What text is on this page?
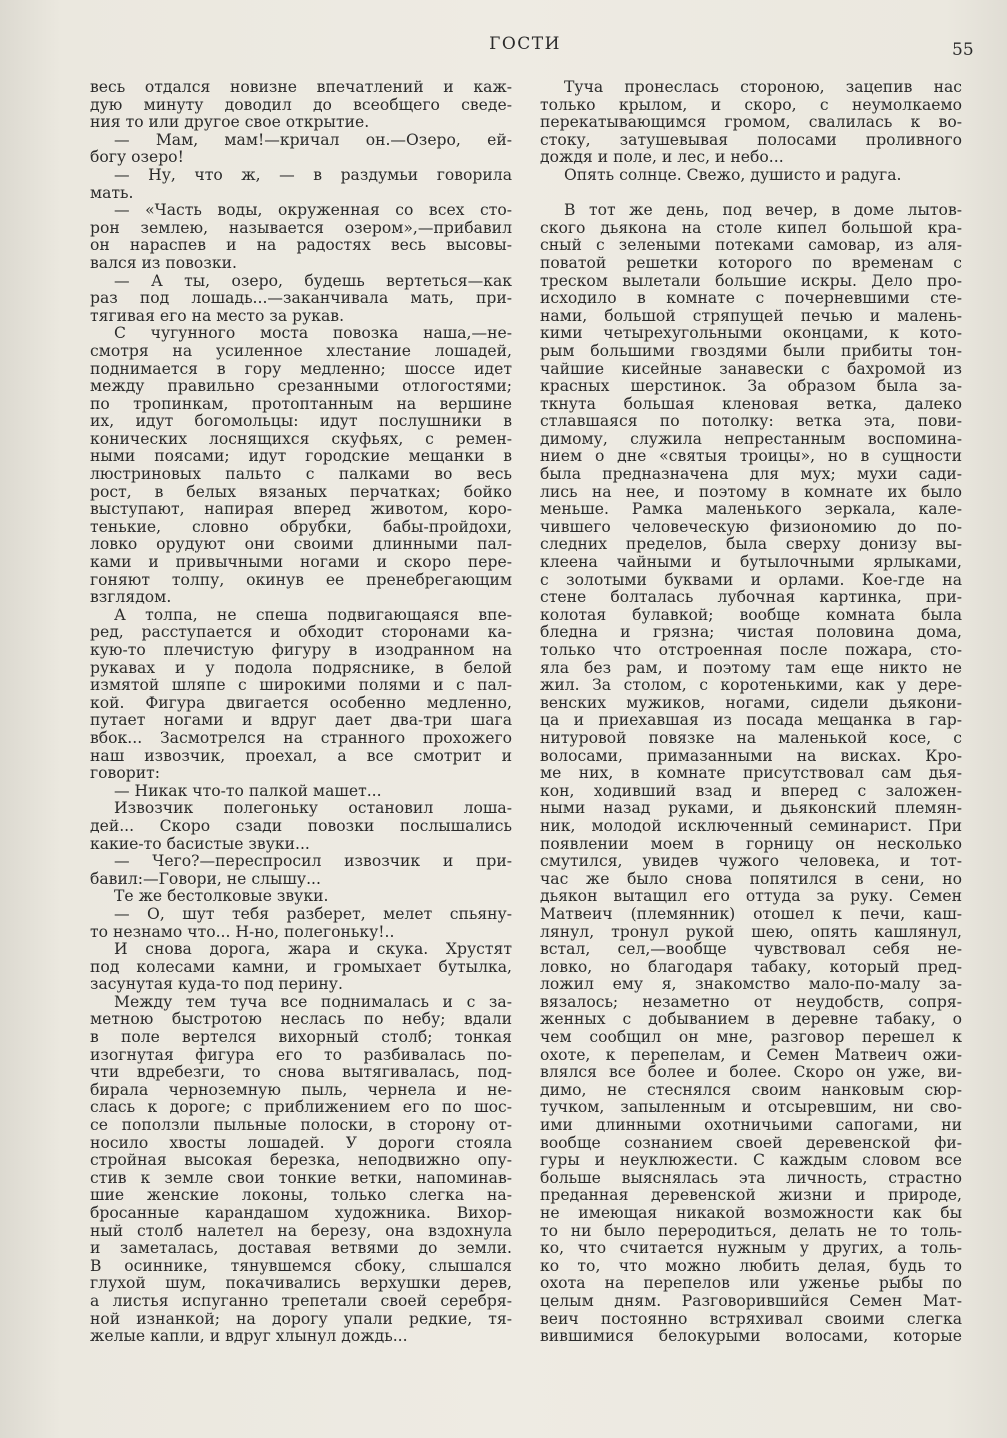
ГОСТИ	55
весь отдался новизне впечатлений и каж-
дую минуту доводил до всеобщего сведе-
ния то или другое свое открытие.
— Мам, мам!—кричал он.—Озеро, ей-
богу озеро!
— Ну, что ж, — в раздумьи говорила
мать.
— «Часть воды, окруженная со всех сто-
рон землею, называется озером»,—прибавил
он нараспев и на радостях весь высовы-
вался из повозки.
— А ты, озеро, будешь вертеться—как
раз под лошадь...—заканчивала мать, при-
тягивая его на место за рукав.
С чугунного моста повозка наша,—не-
смотря на усиленное хлестание лошадей,
поднимается в гору медленно; шоссе идет
между правильно срезанными отлогостями;
по тропинкам, протоптанным на вершине
их, идут богомольцы: идут послушники в
конических лоснящихся скуфьях, с ремен-
ными поясами; идут городские мещанки в
люстриновых пальто с палками во весь
рост, в белых вязаных перчатках; бойко
выступают, напирая вперед животом, коро-
тенькие, словно обрубки, бабы-пройдохи,
ловко орудуют они своими длинными пал-
ками и привычными ногами и скоро пере-
гоняют толпу, окинув ее пренебрегающим
взглядом.
А толпа, не спеша подвигающаяся впе-
ред, расступается и обходит сторонами ка-
кую-то плечистую фигуру в изодранном на
рукавах и у подола подряснике, в белой
измятой шляпе с широкими полями и с пал-
кой. Фигура двигается особенно медленно,
путает ногами и вдруг дает два-три шага
вбок... Засмотрелся на странного прохожего
наш извозчик, проехал, а все смотрит и
говорит:
— Никак что-то палкой машет...
Извозчик полегоньку остановил лоша-
дей... Скоро сзади повозки послышались
какие-то басистые звуки...
— Чего?—переспросил извозчик и при-
бавил:—Говори, не слышу...
Те же бестолковые звуки.
— О, шут тебя разберет, мелет спьяну-
то незнамо что... Н-но, полегоньку!..
И снова дорога, жара и скука. Хрустят
под колесами камни, и громыхает бутылка,
засунутая куда-то под перину.
Между тем туча все поднималась и с за-
метною быстротою неслась по небу; вдали
в поле вертелся вихорный столб; тонкая
изогнутая фигура его то разбивалась по-
чти вдребезги, то снова вытягивалась, под-
бирала черноземную пыль, чернела и не-
слась к дороге; с приближением его по шос-
се поползли пыльные полоски, в сторону от-
носило хвосты лошадей. У дороги стояла
стройная высокая березка, неподвижно опу-
стив к земле свои тонкие ветки, напоминав-
шие женские локоны, только слегка на-
бросанные карандашом художника. Вихор-
ный столб налетел на березу, она вздохнула
и заметалась, доставая ветвями до земли.
В осиннике, тянувшемся сбоку, слышался
глухой шум, покачивались верхушки дерев,
а листья испуганно трепетали своей серебря-
ной изнанкой; на дорогу упали редкие, тя-
желые капли, и вдруг хлынул дождь...
Туча пронеслась стороною, зацепив нас
только крылом, и скоро, с неумолкаемо
перекатывающимся громом, свалилась к во-
стоку, затушевывая полосами проливного
дождя и поле, и лес, и небо...
Опять солнце. Свежо, душисто и радуга.
В тот же день, под вечер, в доме лытов-
ского дьякона на столе кипел большой кра-
сный с зелеными потеками самовар, из аля-
поватой решетки которого по временам с
треском вылетали большие искры. Дело про-
исходило в комнате с почерневшими сте-
нами, большой стряпущей печью и малень-
кими четырехугольными оконцами, к кото-
рым большими гвоздями были прибиты тон-
чайшие кисейные занавески с бахромой из
красных шерстинок. За образом была за-
ткнута большая кленовая ветка, далеко
стлавшаяся по потолку: ветка эта, пови-
димому, служила непрестанным воспомина-
нием о дне «святыя троицы», но в сущности
была предназначена для мух; мухи сади-
лись на нее, и поэтому в комнате их было
меньше. Рамка маленького зеркала, кале-
чившего человеческую физиономию до по-
следних пределов, была сверху донизу вы-
клеена чайными и бутылочными ярлыками,
с золотыми буквами и орлами. Кое-где на
стене болталась лубочная картинка, при-
колотая булавкой; вообще комната была
бледна и грязна; чистая половина дома,
только что отстроенная после пожара, сто-
яла без рам, и поэтому там еще никто не
жил. За столом, с коротенькими, как у дере-
венских мужиков, ногами, сидели дьякони-
ца и приехавшая из посада мещанка в гар-
нитуровой повязке на маленькой косе, с
волосами, примазанными на висках. Кро-
ме них, в комнате присутствовал сам дья-
кон, ходивший взад и вперед с заложен-
ными назад руками, и дьяконский племян-
ник, молодой исключенный семинарист. При
появлении моем в горницу он несколько
смутился, увидев чужого человека, и тот-
час же было снова попятился в сени, но
дьякон вытащил его оттуда за руку. Семен
Матвеич (племянник) отошел к печи, каш-
лянул, тронул рукой шею, опять кашлянул,
встал, сел,—вообще чувствовал себя не-
ловко, но благодаря табаку, который пред-
ложил ему я, знакомство мало-по-малу за-
вязалось; незаметно от неудобств, сопря-
женных с добыванием в деревне табаку, о
чем сообщил он мне, разговор перешел к
охоте, к перепелам, и Семен Матвеич ожи-
влялся все более и более. Скоро он уже, ви-
димо, не стеснялся своим нанковым сюр-
тучком, запыленным и отсыревшим, ни сво-
ими длинными охотничьими сапогами, ни
вообще сознанием своей деревенской фи-
гуры и неуклюжести. С каждым словом все
больше выяснялась эта личность, страстно
преданная деревенской жизни и природе,
не имеющая никакой возможности как бы
то ни было переродиться, делать не то толь-
ко, что считается нужным у других, а толь-
ко то, что можно любить делая, будь то
охота на перепелов или уженье рыбы по
целым дням. Разговорившийся Семен Мат-
веич постоянно встряхивал своими слегка
вившимися белокурыми волосами, которые
